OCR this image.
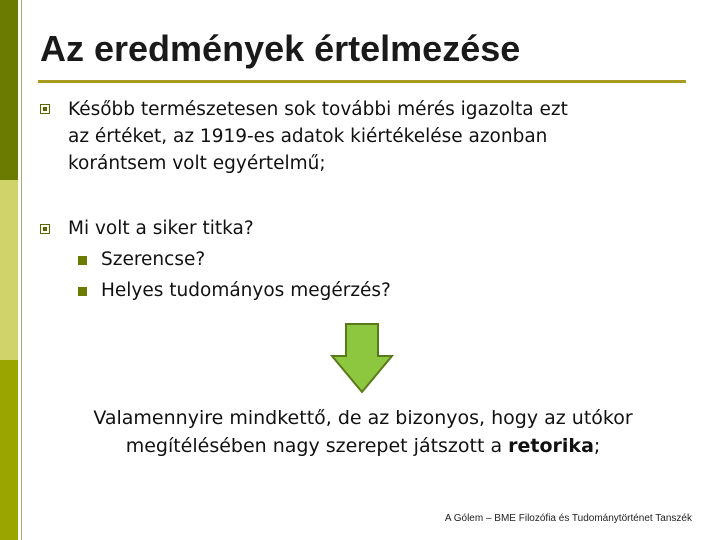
Az eredmények értelmezése
Később természetesen sok további mérés igazolta ezt
az értéket, az 1919-es adatok kiértékelése azonban
korántsem volt egyértelmű;
Mi volt a siker titka?
Szerencse?
Helyes tudományos megérzés?
Valamennyire mindkettő, de az bizonyos, hogy az utókor
megítélésében nagy szerepet játszott a retorika;
A Gólem – BME Filozófia és Tudománytörténet Tanszék
